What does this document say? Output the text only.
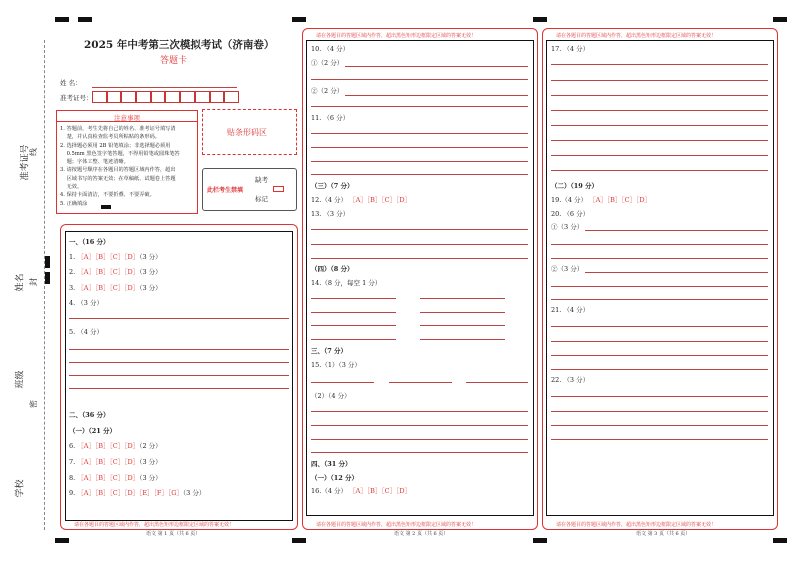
准考证号
线
姓名 封
班级
密
学校
2025 年中考第三次模拟考试（济南卷）
答题卡
姓 名：
准考证号：
注意事项
1. 答题前，考生先将自己的姓名、准考证号填写清
楚，并认真检查监考员所粘贴的条形码。
2. 选择题必须用 2B 铅笔填涂；非选择题必须用
0.5mm 黑色签字笔答题，不得用铅笔或圆珠笔答
题；字体工整、笔迹清晰。
3. 请按题号顺序在各题目的答题区域内作答，超出
区域书写的答案无效；在草稿纸、试题卷上答题
无效。
4. 保持卡面清洁，不要折叠、不要弄破。
5. 正确填涂
贴条形码区
此栏考生禁填
缺考
标记
请在各题目的答题区域内作答，超出黑色矩形边框限定区域的答案无效！
语文 第 1 页（共 6 页）
一、（16 分）
1. ［A］［B］［C］［D］（3 分）
2. ［A］［B］［C］［D］（3 分）
3. ［A］［B］［C］［D］（3 分）
4. （3 分）
5. （4 分）
二、（36 分）
（一）（21 分）
6. ［A］［B］［C］［D］（2 分）
7. ［A］［B］［C］［D］（3 分）
8. ［A］［B］［C］［D］（3 分）
9. ［A］［B］［C］［D］［E］［F］［G］（3 分）
请在各题目的答题区域内作答，超出黑色矩形边框限定区域的答案无效！
请在各题目的答题区域内作答，超出黑色矩形边框限定区域的答案无效！
语文 第 2 页（共 6 页）
10. （4 分）
①（2 分）
②（2 分）
11. （6 分）
（三）（7 分）
12.（4 分） ［A］［B］［C］［D］
13. （3 分）
（四）（8 分）
14.（8 分，每空 1 分）
三、（7 分）
15.（1）（3 分）
（2）（4 分）
四、（31 分）
（一）（12 分）
16.（4 分） ［A］［B］［C］［D］
请在各题目的答题区域内作答，超出黑色矩形边框限定区域的答案无效！
请在各题目的答题区域内作答，超出黑色矩形边框限定区域的答案无效！
语文 第 3 页（共 6 页）
17. （4 分）
（二）（19 分）
19.（4 分） ［A］［B］［C］［D］
20. （6 分）
①（3 分）
②（3 分）
21. （4 分）
22. （3 分）
